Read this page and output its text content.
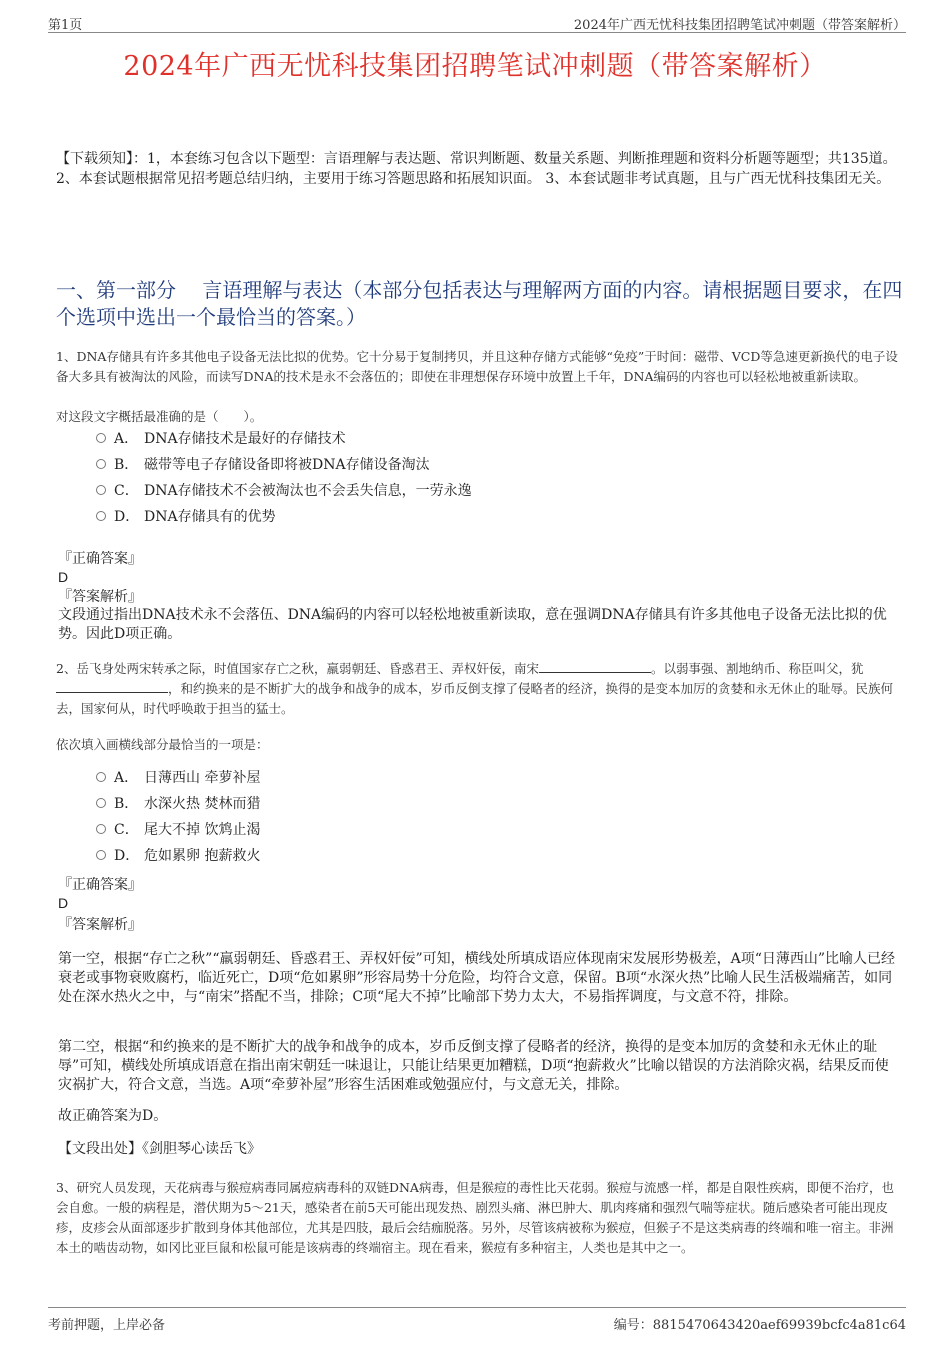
第1页	2024年广西无忧科技集团招聘笔试冲刺题（带答案解析）
2024年广西无忧科技集团招聘笔试冲刺题（带答案解析）
【下载须知】：1，本套练习包含以下题型：言语理解与表达题、常识判断题、数量关系题、判断推理题和资料分析题等题型；共135道。 2、本套试题根据常见招考题总结归纳，主要用于练习答题思路和拓展知识面。 3、本套试题非考试真题，且与广西无忧科技集团无关。
一、第一部分　 言语理解与表达（本部分包括表达与理解两方面的内容。请根据题目要求，在四个选项中选出一个最恰当的答案。）
1、DNA存储具有许多其他电子设备无法比拟的优势。它十分易于复制拷贝，并且这种存储方式能够“免疫”于时间：磁带、VCD等急速更新换代的电子设备大多具有被淘汰的风险，而读写DNA的技术是永不会落伍的；即使在非理想保存环境中放置上千年，DNA编码的内容也可以轻松地被重新读取。
对这段文字概括最准确的是（　　）。
A． DNA存储技术是最好的存储技术
B． 磁带等电子存储设备即将被DNA存储设备淘汰
C． DNA存储技术不会被淘汰也不会丢失信息，一劳永逸
D． DNA存储具有的优势
『正确答案』
D
『答案解析』
文段通过指出DNA技术永不会落伍、DNA编码的内容可以轻松地被重新读取，意在强调DNA存储具有许多其他电子设备无法比拟的优势。因此D项正确。
2、岳飞身处两宋转承之际，时值国家存亡之秋，羸弱朝廷、昏惑君王、弄权奸佞，南宋	。以弱事强、割地纳币、称臣叫父，犹，和约换来的是不断扩大的战争和战争的成本，岁币反倒支撑了侵略者的经济，换得的是变本加厉的贪婪和永无休止的耻辱。民族何去，国家何从，时代呼唤敢于担当的猛士。
依次填入画横线部分最恰当的一项是：
A． 日薄西山 牵萝补屋
B． 水深火热 焚林而猎
C． 尾大不掉 饮鸩止渴
D． 危如累卵 抱薪救火
『正确答案』
D
『答案解析』
第一空，根据“存亡之秋”“羸弱朝廷、昏惑君王、弄权奸佞”可知，横线处所填成语应体现南宋发展形势极差，A项“日薄西山”比喻人已经衰老或事物衰败腐朽，临近死亡，D项“危如累卵”形容局势十分危险，均符合文意，保留。B项“水深火热”比喻人民生活极端痛苦，如同处在深水热火之中，与“南宋”搭配不当，排除；C项“尾大不掉”比喻部下势力太大，不易指挥调度，与文意不符，排除。
第二空，根据“和约换来的是不断扩大的战争和战争的成本，岁币反倒支撑了侵略者的经济，换得的是变本加厉的贪婪和永无休止的耻辱”可知，横线处所填成语意在指出南宋朝廷一味退让，只能让结果更加糟糕，D项“抱薪救火”比喻以错误的方法消除灾祸，结果反而使灾祸扩大，符合文意，当选。A项“牵萝补屋”形容生活困难或勉强应付，与文意无关，排除。
故正确答案为D。
【文段出处】《剑胆琴心读岳飞》
3、研究人员发现，天花病毒与猴痘病毒同属痘病毒科的双链DNA病毒，但是猴痘的毒性比天花弱。猴痘与流感一样，都是自限性疾病，即便不治疗，也会自愈。一般的病程是，潜伏期为5～21天，感染者在前5天可能出现发热、剧烈头痛、淋巴肿大、肌肉疼痛和强烈气喘等症状。随后感染者可能出现皮疹，皮疹会从面部逐步扩散到身体其他部位，尤其是四肢，最后会结痂脱落。另外，尽管该病被称为猴痘，但猴子不是这类病毒的终端和唯一宿主。非洲本土的啮齿动物，如冈比亚巨鼠和松鼠可能是该病毒的终端宿主。现在看来，猴痘有多种宿主，人类也是其中之一。
考前押题，上岸必备	编号：8815470643420aef69939bcfc4a81c64
